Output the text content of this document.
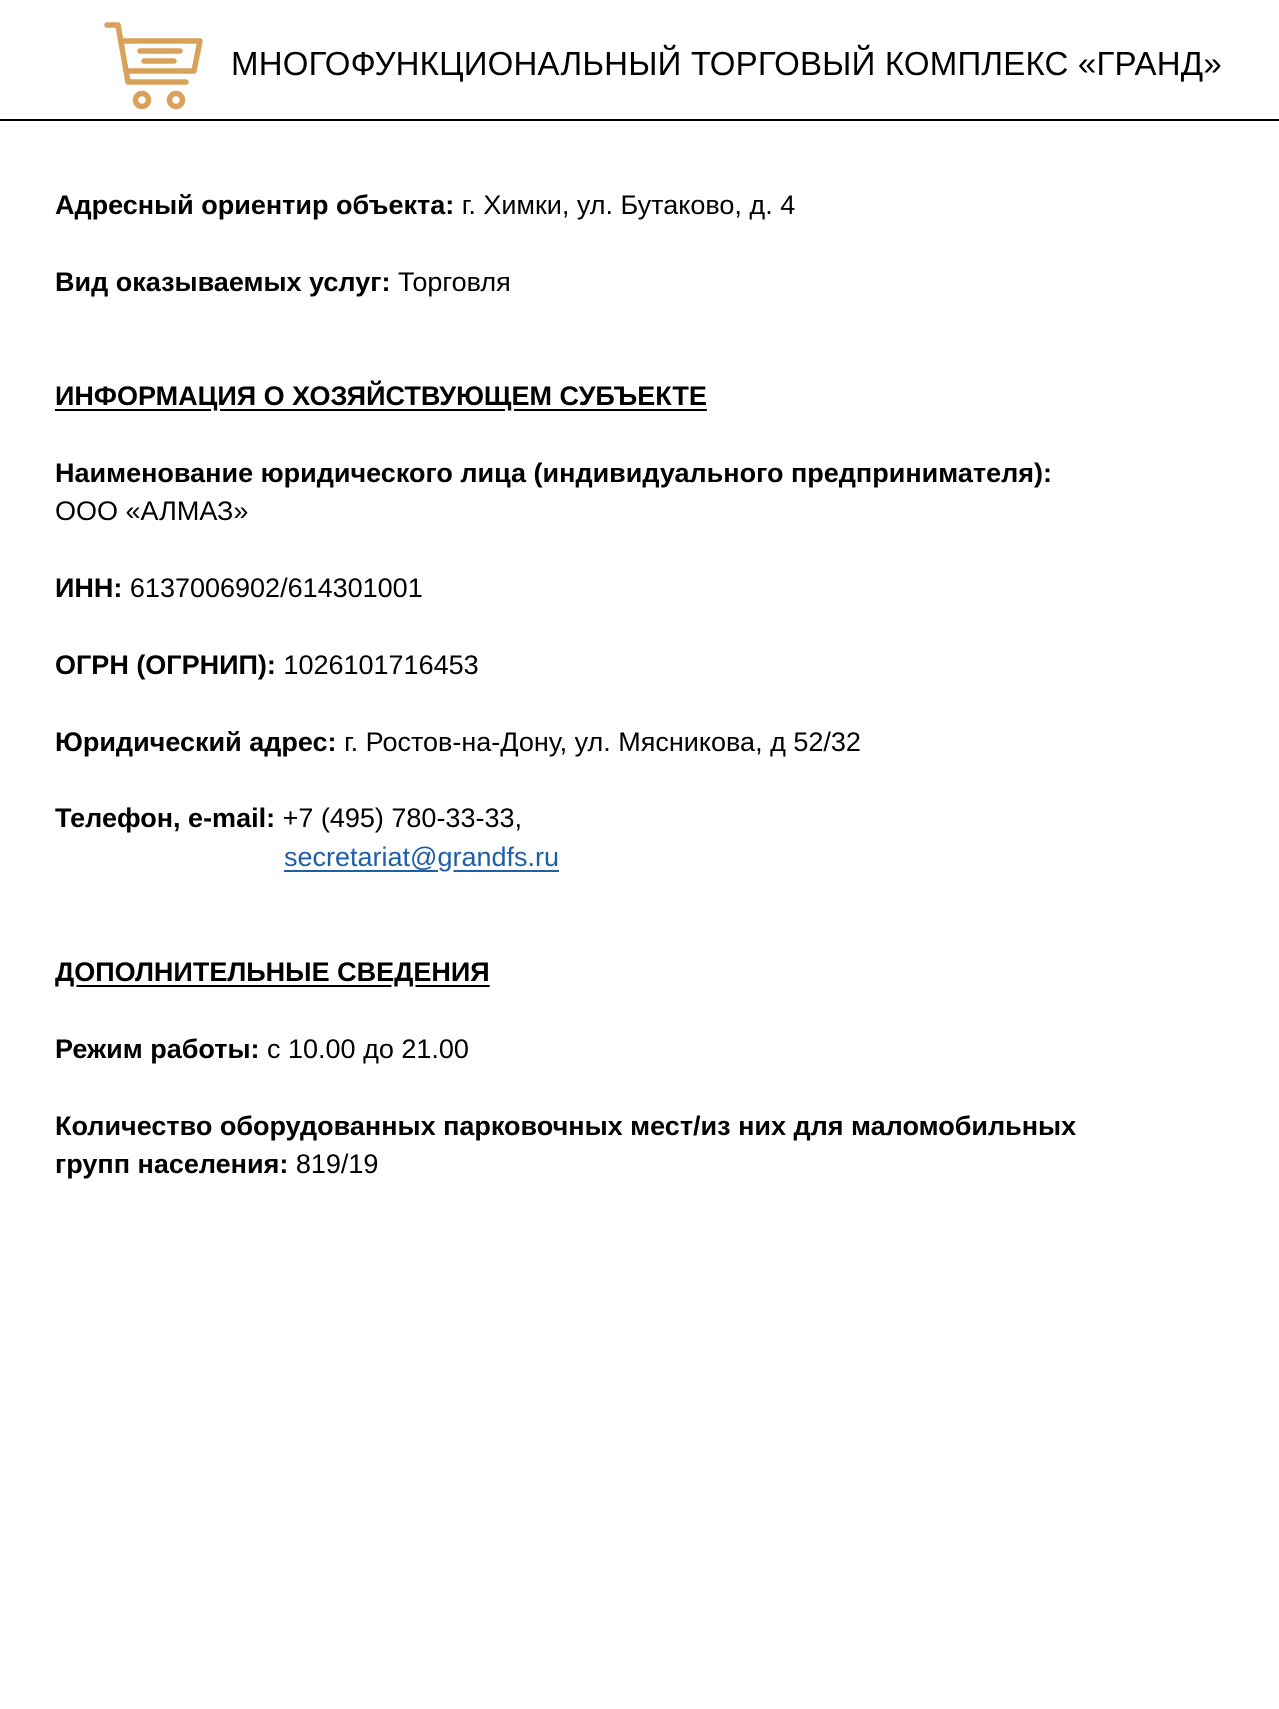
МНОГОФУНКЦИОНАЛЬНЫЙ ТОРГОВЫЙ КОМПЛЕКС «ГРАНД»
Адресный ориентир объекта: г. Химки, ул. Бутаково, д. 4
Вид оказываемых услуг: Торговля
ИНФОРМАЦИЯ О ХОЗЯЙСТВУЮЩЕМ СУБЪЕКТЕ
Наименование юридического лица (индивидуального предпринимателя):
ООО «АЛМАЗ»
ИНН: 6137006902/614301001
ОГРН (ОГРНИП): 1026101716453
Юридический адрес: г. Ростов-на-Дону, ул. Мясникова, д 52/32
Телефон, e-mail: +7 (495) 780-33-33,
secretariat@grandfs.ru
ДОПОЛНИТЕЛЬНЫЕ СВЕДЕНИЯ
Режим работы: с 10.00 до 21.00
Количество оборудованных парковочных мест/из них для маломобильных
групп населения: 819/19
